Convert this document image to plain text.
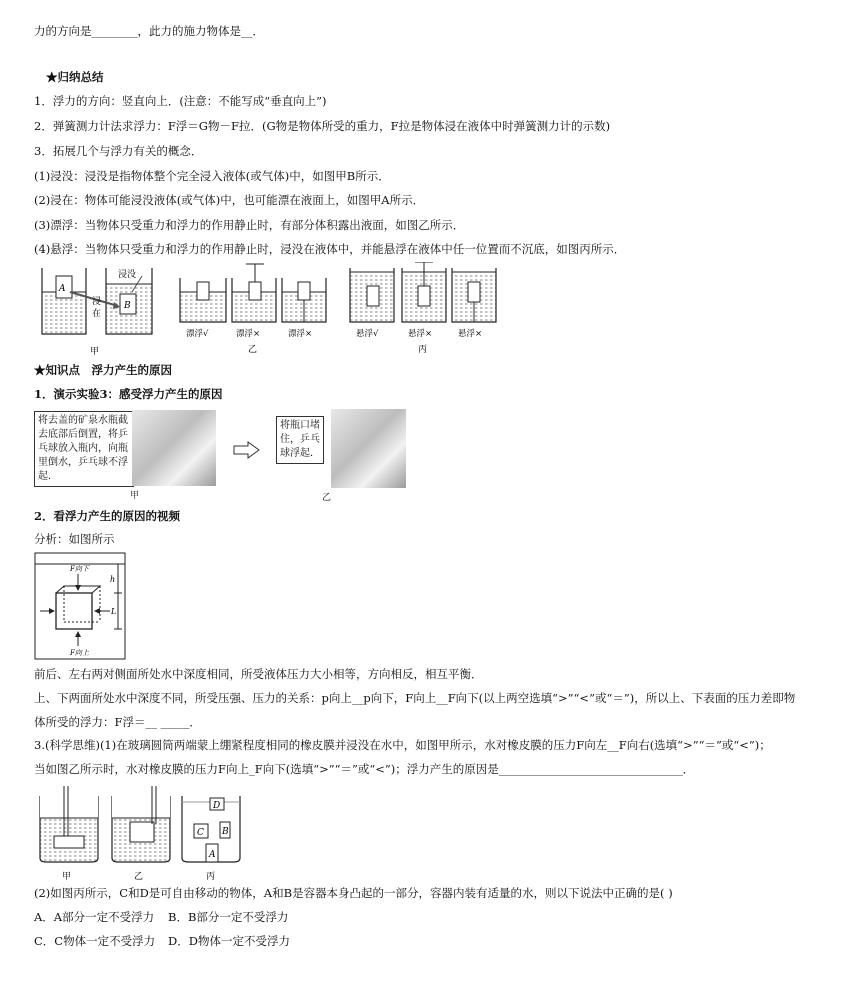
力的方向是________，此力的施力物体是__．
★归纳总结
1．浮力的方向：竖直向上．(注意：不能写成“垂直向上”)
2．弹簧测力计法求浮力：F浮＝G物－F拉．(G物是物体所受的重力，F拉是物体浸在液体中时弹簧测力计的示数)
3．拓展几个与浮力有关的概念．
(1)浸没：浸没是指物体整个完全浸入液体(或气体)中，如图甲B所示．
(2)浸在：物体可能浸没液体(或气体)中，也可能漂在液面上，如图甲A所示．
(3)漂浮：当物体只受重力和浮力的作用静止时，有部分体积露出液面，如图乙所示．
(4)悬浮：当物体只受重力和浮力的作用静止时，浸没在液体中，并能悬浮在液体中任一位置而不沉底，如图丙所示．
A
B
浸没
浸
在
甲
漂浮√	漂浮×	漂浮×
乙
悬浮√	悬浮×	悬浮×
丙
★知识点　浮力产生的原因
1．演示实验3：感受浮力产生的原因
将去盖的矿泉水瓶截去底部后倒置，将乒乓球放入瓶内，向瓶里倒水，乒乓球不浮起．
甲
将瓶口堵住，乒乓球浮起．
乙
2．看浮力产生的原因的视频
分析：如图所示
F向下
F向上
h
L
前后、左右两对侧面所处水中深度相同，所受液体压力大小相等，方向相反，相互平衡．
上、下两面所处水中深度不同，所受压强、压力的关系：p向上__p向下，F向上__F向下(以上两空选填“>”“<”或“＝”)，所以上、下表面的压力差即物
体所受的浮力：F浮＝__ _____．
3.(科学思维)(1)在玻璃圆筒两端蒙上绷紧程度相同的橡皮膜并浸没在水中，如图甲所示，水对橡皮膜的压力F向左__F向右(选填“>”“＝”或“<”)；
当如图乙所示时，水对橡皮膜的压力F向上_F向下(选填“>”“＝”或“<”)；浮力产生的原因是________________________________．
D
C B
A
甲	乙	丙
(2)如图丙所示，C和D是可自由移动的物体，A和B是容器本身凸起的一部分，容器内装有适量的水，则以下说法中正确的是( )
A．A部分一定不受浮力 B．B部分一定不受浮力
C．C物体一定不受浮力 D．D物体一定不受浮力
